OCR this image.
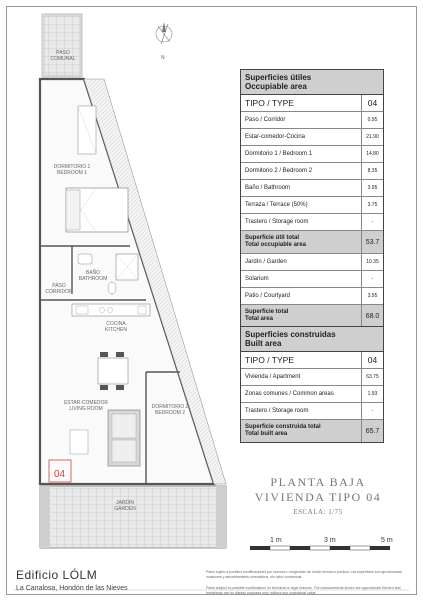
N
PASO
COMUNAL
DORMITORIO 1
BEDROOM 1
BAÑO
BATHROOM
PASO
CORRIDOR
COCINA
KITCHEN
ESTAR-COMEDOR
LIVING ROOM	DORMITORIO 2
BEDROOM 2
JARDÍN
GARDEN
04
Superficies útiles
Occupiable area
TIPO / TYPE	04
Paso / Corridor	0.95
Estar-comedor-Cocina	21.90
Dormitorio 1 / Bedroom 1	14.80
Dormitorio 2 / Bedroom 2	8.35
Baño / Bathroom	3.95
Terraza / Terrace (50%)	3.75
Trastero / Storage room	-
Superficie útil total
Total occupiable area	53.7
Jardín / Garden	10.35
Solarium	-
Patio / Courtyard	3.95
Superficie total
Total area	68.0
Superficies construidas
Built area
TIPO / TYPE	04
Vivienda / Apartment	63.75
Zonas comunes / Common areas	1.93
Trastero / Storage room	-
Superficie construida total
Total built area	65.7
PLANTA BAJA
VIVIENDA TIPO 04
ESCALA: 1/75
1 m	3 m	5 m
Edificio LÓLM
La Canalosa, Hondón de las Nieves
Plano sujeto a posibles modificaciones por razones o exigencias de índole técnica o jurídica. Las superficies son aproximadas, ocasiones y amueblamiento orientativos, sin valor contractual.
Plans subject to possible modifications for technical or legal reasons. The measurements shown are approximate.Kitchen and furnishings are for display purposes only, without any contractual value.
